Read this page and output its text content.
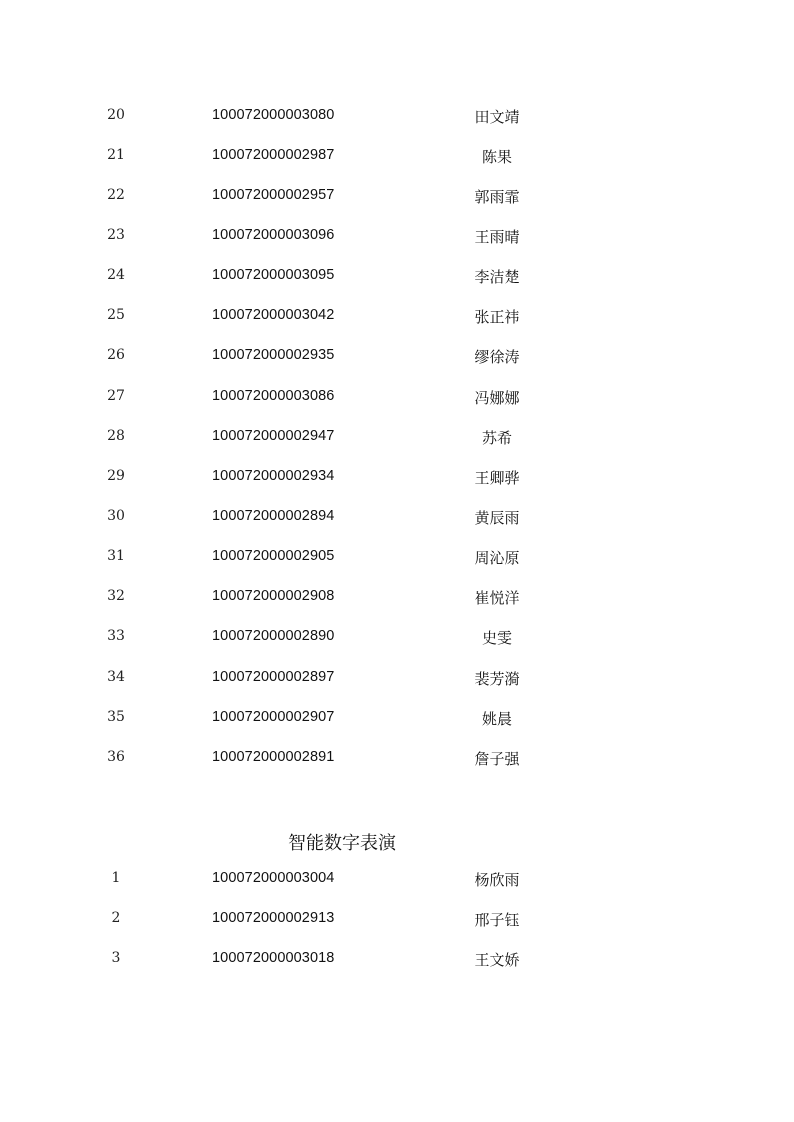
20	100072000003080	田文靖
21	100072000002987	陈果
22	100072000002957	郭雨霏
23	100072000003096	王雨晴
24	100072000003095	李洁楚
25	100072000003042	张正祎
26	100072000002935	缪徐涛
27	100072000003086	冯娜娜
28	100072000002947	苏希
29	100072000002934	王卿骅
30	100072000002894	黄辰雨
31	100072000002905	周沁原
32	100072000002908	崔悦洋
33	100072000002890	史雯
34	100072000002897	裴芳漪
35	100072000002907	姚晨
36	100072000002891	詹子强
智能数字表演
1	100072000003004	杨欣雨
2	100072000002913	邢子钰
3	100072000003018	王文娇
